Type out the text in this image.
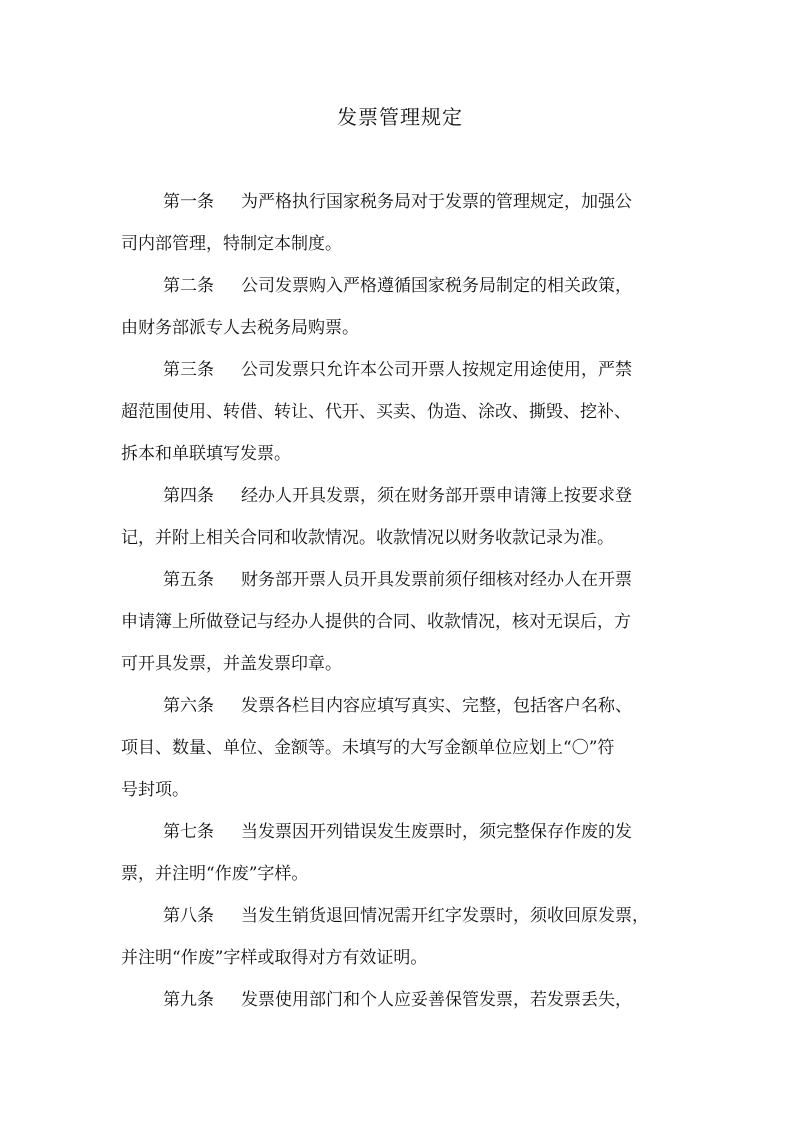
发票管理规定

第一条 为严格执行国家税务局对于发票的管理规定，加强公

司内部管理，特制定本制度。

第二条 公司发票购入严格遵循国家税务局制定的相关政策，

由财务部派专人去税务局购票。

第三条 公司发票只允许本公司开票人按规定用途使用，严禁

超范围使用、转借、转让、代开、买卖、伪造、涂改、撕毁、挖补、

拆本和单联填写发票。

第四条 经办人开具发票，须在财务部开票申请簿上按要求登

记，并附上相关合同和收款情况。收款情况以财务收款记录为准。

第五条 财务部开票人员开具发票前须仔细核对经办人在开票

申请簿上所做登记与经办人提供的合同、收款情况，核对无误后，方

可开具发票，并盖发票印章。

第六条 发票各栏目内容应填写真实、完整，包括客户名称、

项目、数量、单位、金额等。未填写的大写金额单位应划上“〇”符

号封项。

第七条 当发票因开列错误发生废票时，须完整保存作废的发

票，并注明“作废”字样。

第八条 当发生销货退回情况需开红字发票时，须收回原发票，

并注明“作废”字样或取得对方有效证明。

第九条 发票使用部门和个人应妥善保管发票，若发票丢失，
